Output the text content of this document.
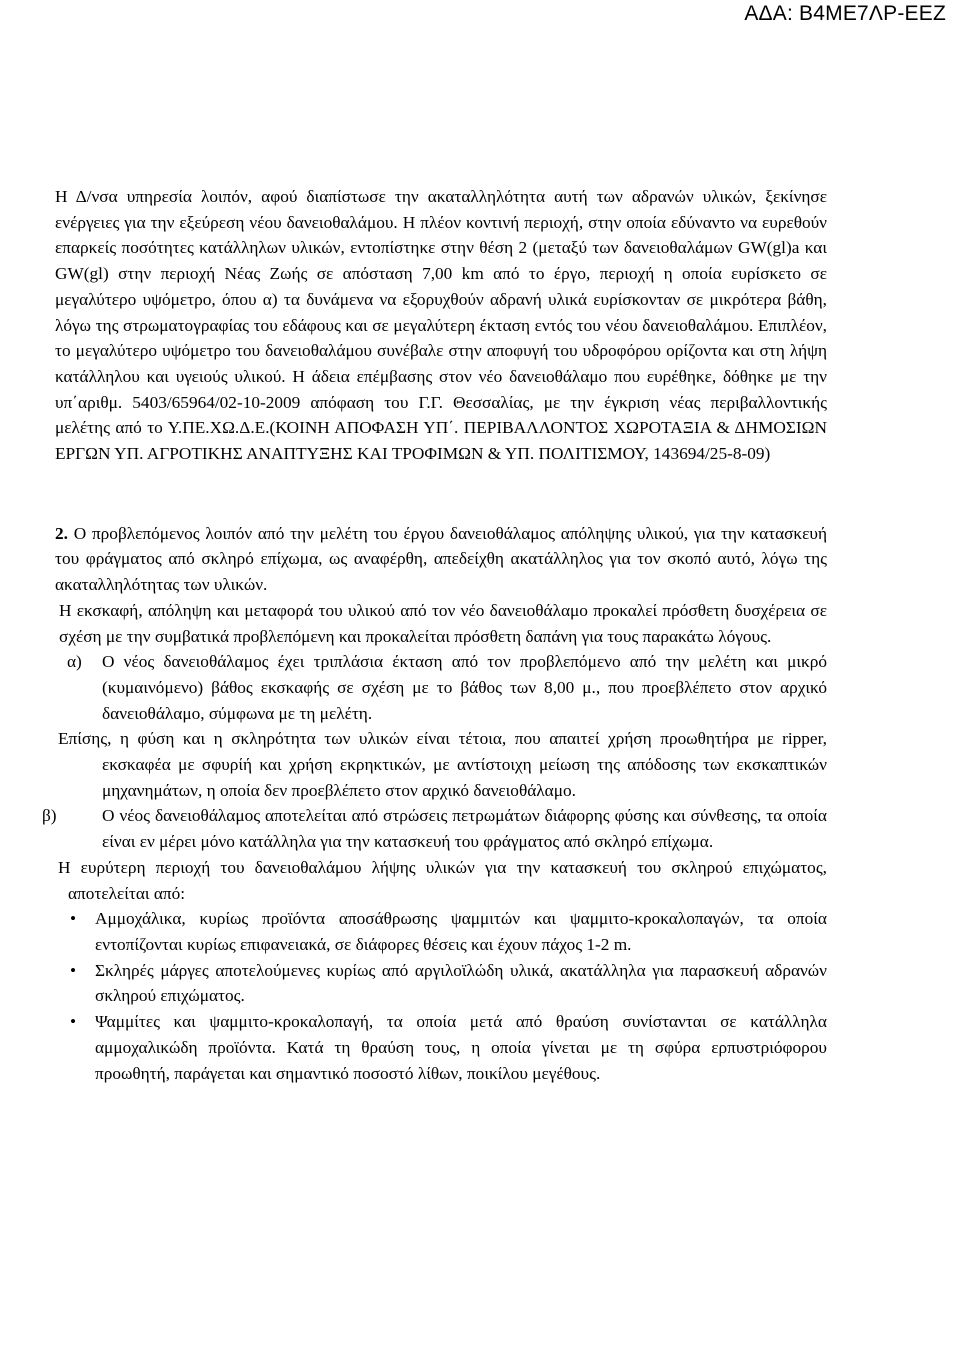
ΑΔΑ: Β4ΜΕ7ΛΡ-ΕΕΖ

Η Δ/νσα υπηρεσία λοιπόν, αφού διαπίστωσε την ακαταλληλότητα αυτή των αδρανών υλικών, ξεκίνησε ενέργειες για την εξεύρεση νέου δανειοθαλάμου. Η πλέον κοντινή περιοχή, στην οποία εδύναντο να ευρεθούν επαρκείς ποσότητες κατάλληλων υλικών, εντοπίστηκε στην θέση 2 (μεταξύ των δανειοθαλάμων GW(gl)a και GW(gl) στην περιοχή Νέας Ζωής σε απόσταση 7,00 km από το έργο, περιοχή η οποία ευρίσκετο σε μεγαλύτερο υψόμετρο, όπου α) τα δυνάμενα να εξορυχθούν αδρανή υλικά ευρίσκονταν σε μικρότερα βάθη, λόγω της στρωματογραφίας του εδάφους και σε μεγαλύτερη έκταση εντός του νέου δανειοθαλάμου. Επιπλέον, το μεγαλύτερο υψόμετρο του δανειοθαλάμου συνέβαλε στην αποφυγή του υδροφόρου ορίζοντα και στη λήψη κατάλληλου και υγειούς υλικού. Η άδεια επέμβασης στον νέο δανειοθάλαμο που ευρέθηκε, δόθηκε με την υπ΄αριθμ. 5403/65964/02-10-2009 απόφαση του Γ.Γ. Θεσσαλίας, με την έγκριση νέας περιβαλλοντικής μελέτης από το Υ.ΠΕ.ΧΩ.Δ.Ε.(ΚΟΙΝΗ ΑΠΟΦΑΣΗ ΥΠ΄. ΠΕΡΙΒΑΛΛΟΝΤΟΣ ΧΩΡΟΤΑΞΙΑ & ΔΗΜΟΣΙΩΝ ΕΡΓΩΝ ΥΠ. ΑΓΡΟΤΙΚΗΣ ΑΝΑΠΤΥΞΗΣ ΚΑΙ ΤΡΟΦΙΜΩΝ & ΥΠ. ΠΟΛΙΤΙΣΜΟΥ, 143694/25-8-09)

2. Ο προβλεπόμενος λοιπόν από την μελέτη του έργου δανειοθάλαμος απόληψης υλικού, για την κατασκευή του φράγματος από σκληρό επίχωμα, ως αναφέρθη, απεδείχθη ακατάλληλος για τον σκοπό αυτό, λόγω της ακαταλληλότητας των υλικών.

Η εκσκαφή, απόληψη και μεταφορά του υλικού από τον νέο δανειοθάλαμο προκαλεί πρόσθετη δυσχέρεια σε σχέση με την συμβατικά προβλεπόμενη και προκαλείται πρόσθετη δαπάνη για τους παρακάτω λόγους.

α)	Ο νέος δανειοθάλαμος έχει τριπλάσια έκταση από τον προβλεπόμενο από την μελέτη και μικρό (κυμαινόμενο) βάθος εκσκαφής σε σχέση με το βάθος των 8,00 μ., που προεβλέπετο στον αρχικό δανειοθάλαμο, σύμφωνα με τη μελέτη.

Επίσης, η φύση και η σκληρότητα των υλικών είναι τέτοια, που απαιτεί χρήση προωθητήρα με ripper, εκσκαφέα με σφυρίή και χρήση εκρηκτικών, με αντίστοιχη μείωση της απόδοσης των εκσκαπτικών μηχανημάτων, η οποία δεν προεβλέπετο στον αρχικό δανειοθάλαμο.

β)	Ο νέος δανειοθάλαμος αποτελείται από στρώσεις πετρωμάτων διάφορης φύσης και σύνθεσης, τα οποία είναι εν μέρει μόνο κατάλληλα για την κατασκευή του φράγματος από σκληρό επίχωμα.

Η ευρύτερη περιοχή του δανειοθαλάμου λήψης υλικών για την κατασκευή του σκληρού επιχώματος, αποτελείται από:

•	Αμμοχάλικα, κυρίως προϊόντα αποσάθρωσης ψαμμιτών και ψαμμιτο-κροκαλοπαγών, τα οποία εντοπίζονται κυρίως επιφανειακά, σε διάφορες θέσεις και έχουν πάχος 1-2 m.
•	Σκληρές μάργες αποτελούμενες κυρίως από αργιλοϊλώδη υλικά, ακατάλληλα για παρασκευή αδρανών σκληρού επιχώματος.
•	Ψαμμίτες και ψαμμιτο-κροκαλοπαγή, τα οποία μετά από θραύση συνίστανται σε κατάλληλα αμμοχαλικώδη προϊόντα. Κατά τη θραύση τους, η οποία γίνεται με τη σφύρα ερπυστριόφορου προωθητή, παράγεται και σημαντικό ποσοστό λίθων, ποικίλου μεγέθους.
